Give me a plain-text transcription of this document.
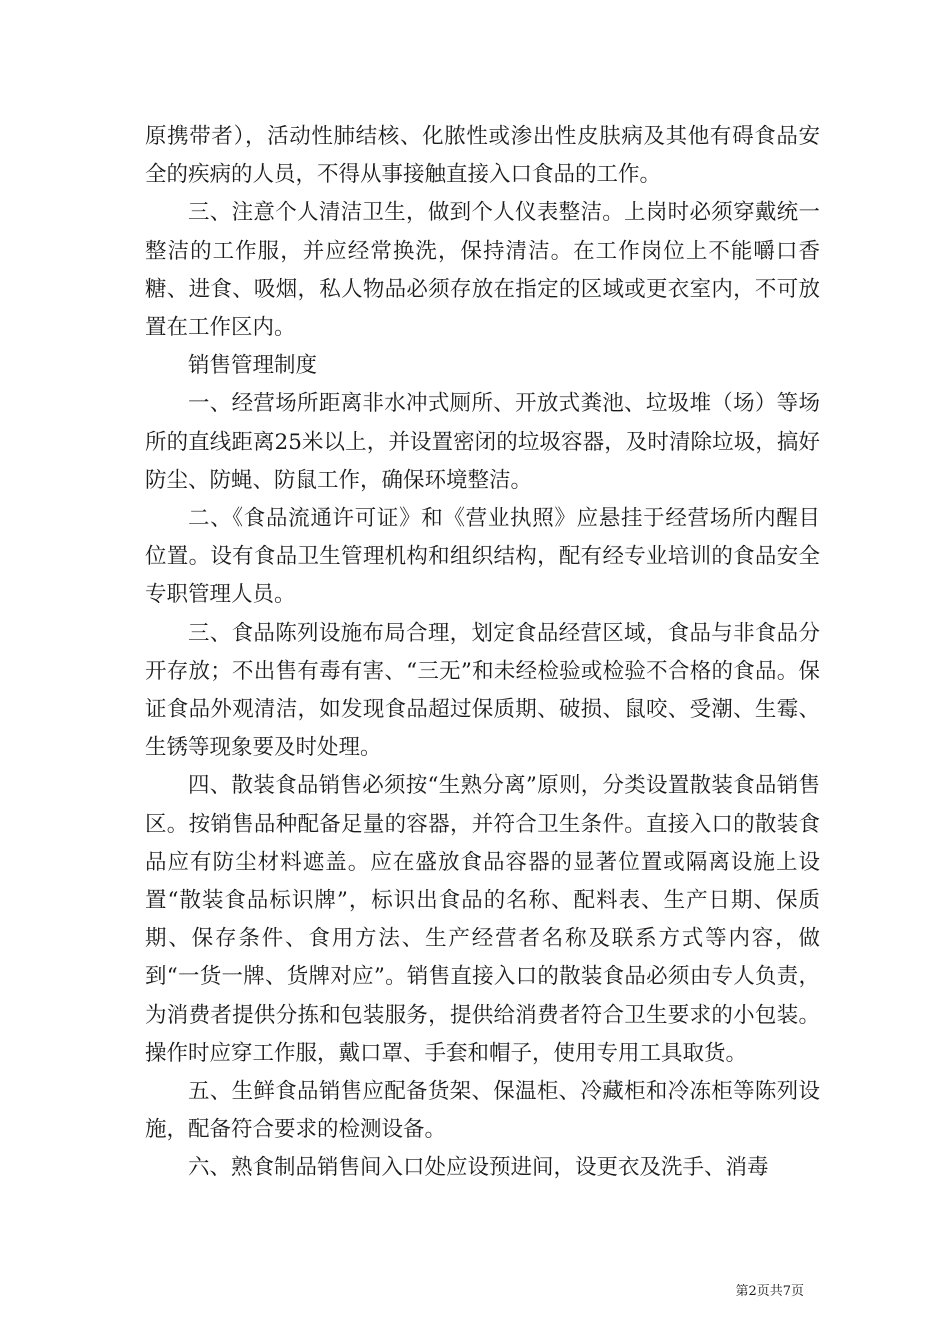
原携带者），活动性肺结核、化脓性或渗出性皮肤病及其他有碍食品安全的疾病的人员，不得从事接触直接入口食品的工作。

三、注意个人清洁卫生，做到个人仪表整洁。上岗时必须穿戴统一整洁的工作服，并应经常换洗，保持清洁。在工作岗位上不能嚼口香糖、进食、吸烟，私人物品必须存放在指定的区域或更衣室内，不可放置在工作区内。

销售管理制度

一、经营场所距离非水冲式厕所、开放式粪池、垃圾堆（场）等场所的直线距离25米以上，并设置密闭的垃圾容器，及时清除垃圾，搞好防尘、防蝇、防鼠工作，确保环境整洁。

二、《食品流通许可证》和《营业执照》应悬挂于经营场所内醒目位置。设有食品卫生管理机构和组织结构，配有经专业培训的食品安全专职管理人员。

三、食品陈列设施布局合理，划定食品经营区域，食品与非食品分开存放；不出售有毒有害、“三无”和未经检验或检验不合格的食品。保证食品外观清洁，如发现食品超过保质期、破损、鼠咬、受潮、生霉、生锈等现象要及时处理。

四、散装食品销售必须按“生熟分离”原则，分类设置散装食品销售区。按销售品种配备足量的容器，并符合卫生条件。直接入口的散装食品应有防尘材料遮盖。应在盛放食品容器的显著位置或隔离设施上设置“散装食品标识牌”，标识出食品的名称、配料表、生产日期、保质期、保存条件、食用方法、生产经营者名称及联系方式等内容，做到“一货一牌、货牌对应”。销售直接入口的散装食品必须由专人负责，为消费者提供分拣和包装服务，提供给消费者符合卫生要求的小包装。操作时应穿工作服，戴口罩、手套和帽子，使用专用工具取货。

五、生鲜食品销售应配备货架、保温柜、冷藏柜和冷冻柜等陈列设施，配备符合要求的检测设备。

六、熟食制品销售间入口处应设预进间，设更衣及洗手、消毒

第2页共7页
